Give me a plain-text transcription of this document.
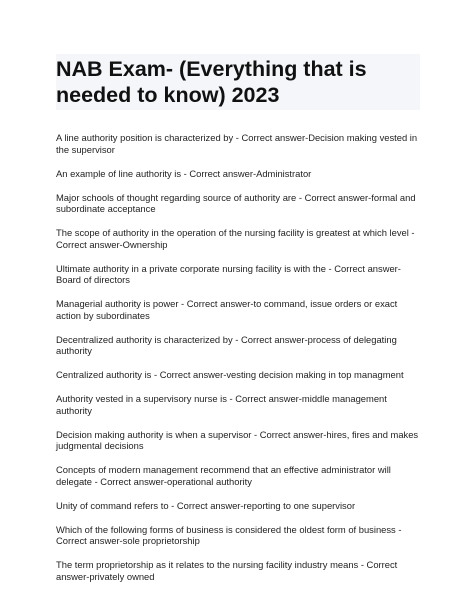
NAB Exam- (Everything that is needed to know) 2023
A line authority position is characterized by - Correct answer-Decision making vested in the supervisor
An example of line authority is - Correct answer-Administrator
Major schools of thought regarding source of authority are - Correct answer-formal and subordinate acceptance
The scope of authority in the operation of the nursing facility is greatest at which level - Correct answer-Ownership
Ultimate authority in a private corporate nursing facility is with the - Correct answer-Board of directors
Managerial authority is power - Correct answer-to command, issue orders or exact action by subordinates
Decentralized authority is characterized by - Correct answer-process of delegating authority
Centralized authority is - Correct answer-vesting decision making in top managment
Authority vested in a supervisory nurse is - Correct answer-middle management authority
Decision making authority is when a supervisor - Correct answer-hires, fires and makes judgmental decisions
Concepts of modern management recommend that an effective administrator will delegate - Correct answer-operational authority
Unity of command refers to - Correct answer-reporting to one supervisor
Which of the following forms of business is considered the oldest form of business - Correct answer-sole proprietorship
The term proprietorship as it relates to the nursing facility industry means - Correct answer-privately owned
